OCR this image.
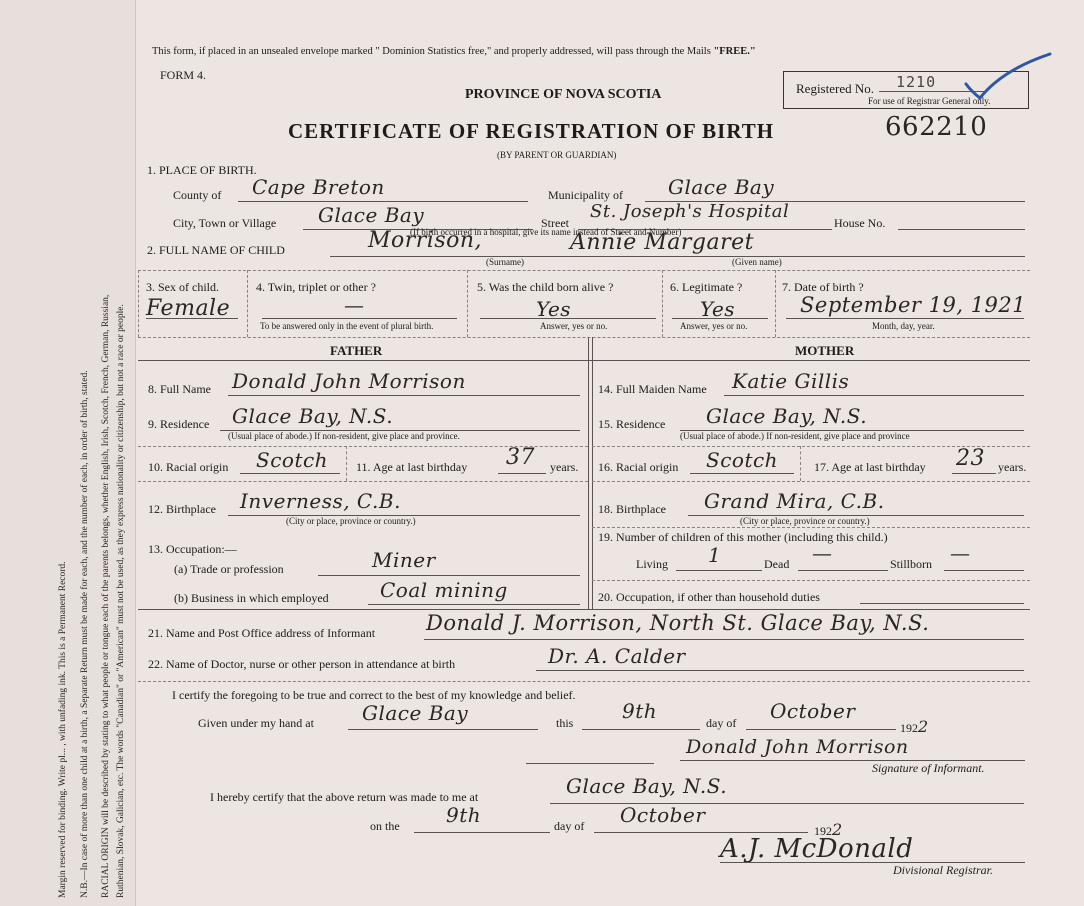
Margin reserved for binding. Write pl... , with unfading ink. This is a Permanent Record. N.B.—In case of more than one child at a birth, a Separate Return must be made for each, and the number of each, in order of birth, stated. RACIAL ORIGIN will be described by stating to what people or tongue each of the parents belongs, whether English, Irish, Scotch, French, German, Russian, Ruthenian, Slovak, Galician, etc. The words "Canadian" or "American" must not be used, as they express nationality or citizenship, but not a race or people.
This form, if placed in an unsealed envelope marked " Dominion Statistics free," and properly addressed, will pass through the Mails "FREE."
FORM 4.
PROVINCE OF NOVA SCOTIA	Registered No. 1210
For use of Registrar General only.
CERTIFICATE OF REGISTRATION OF BIRTH	662210
(BY PARENT OR GUARDIAN)
1. PLACE OF BIRTH.
County of Cape Breton	Municipality of Glace Bay
City, Town or Village Glace Bay	Street
St. Joseph's Hospital
House No.
(If birth occurred in a hospital, give its name instead of Street and Number)
2. FULL NAME OF CHILD	Morrison,	Annie Margaret
(Surname)	(Given name)
3. Sex of child.
Female
4. Twin, triplet or other ?
—
To be answered only in the event of plural birth.
5. Was the child born alive ?
Yes
Answer, yes or no.
6. Legitimate ?
Yes
Answer, yes or no.
7. Date of birth ?
September 19, 1921
Month, day, year.
FATHER	MOTHER
8. Full Name Donald John Morrison
9. Residence Glace Bay, N.S.
(Usual place of abode.) If non-resident, give place and province.
10. Racial origin Scotch 11. Age at last birthday 37 years.
12. Birthplace Inverness, C.B.
(City or place, province or country.)
13. Occupation:—
(a) Trade or profession	Miner
(b) Business in which employed	Coal mining
14. Full Maiden Name Katie Gillis
15. Residence Glace Bay, N.S.
(Usual place of abode.) If non-resident, give place and province
16. Racial origin Scotch	17. Age at last birthday 23 years.
18. Birthplace Grand Mira, C.B.
(City or place, province or country.)
19. Number of children of this mother (including this child.)
Living 1	Dead —	Stillborn —
20. Occupation, if other than household duties
21. Name and Post Office address of Informant Donald J. Morrison, North St. Glace Bay, N.S.
22. Name of Doctor, nurse or other person in attendance at birth	Dr. A. Calder
I certify the foregoing to be true and correct to the best of my knowledge and belief.
Given under my hand at Glace Bay	this 9th	day of October
1922
Donald John Morrison
Signature of Informant.
I hereby certify that the above return was made to me at	Glace Bay, N.S.
on the 9th	day of October
1922
A.J. McDonald
Divisional Registrar.
